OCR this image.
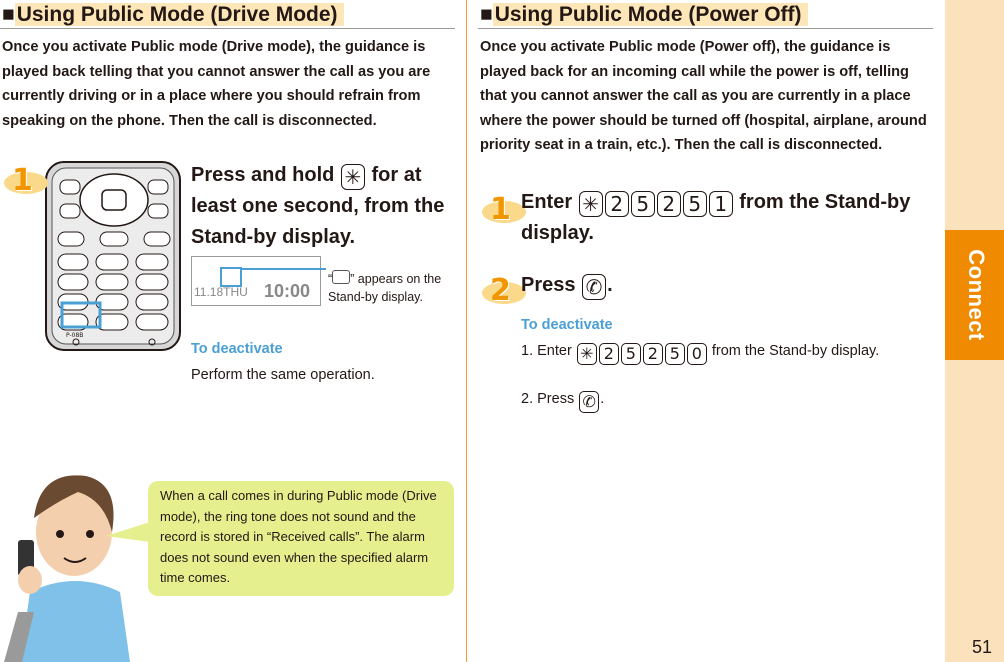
Connect
51
■Using Public Mode (Drive Mode)
Once you activate Public mode (Drive mode), the guidance is played back telling that you cannot answer the call as you are currently driving or in a place where you should refrain from speaking on the phone. Then the call is disconnected.
P-08B
1	Press and hold ✳ for at least one second, from the Stand-by display.
11.18THU 10:00
“ ” appears on the Stand-by display.
To deactivate
Perform the same operation.
When a call comes in during Public mode (Drive mode), the ring tone does not sound and the record is stored in “Received calls”. The alarm does not sound even when the specified alarm time comes.
■Using Public Mode (Power Off)
Once you activate Public mode (Power off), the guidance is played back for an incoming call while the power is off, telling that you cannot answer the call as you are currently in a place where the power should be turned off (hospital, airplane, around priority seat in a train, etc.). Then the call is disconnected.
1 Enter ✳ 2 5 2 5 1 from the Stand-by display.
2 Press ✆ .
To deactivate
1. Enter ✳ 2 5 2 5 0 from the Stand-by display.
2. Press ✆ .
